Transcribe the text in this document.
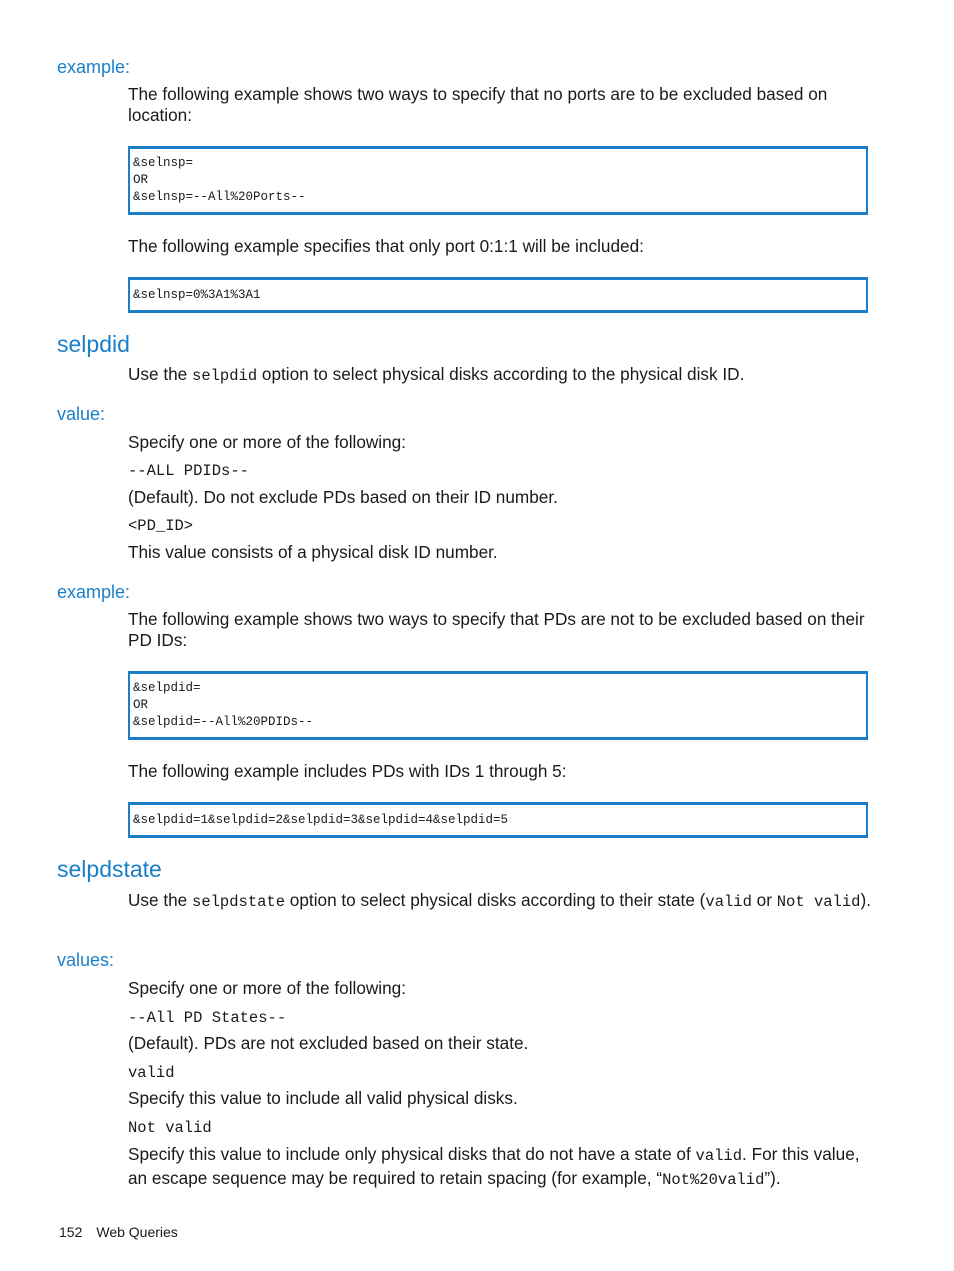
example:
The following example shows two ways to specify that no ports are to be excluded based on location:
&selnsp=
OR
&selnsp=--All%20Ports--
The following example specifies that only port 0:1:1 will be included:
&selnsp=0%3A1%3A1
selpdid
Use the selpdid option to select physical disks according to the physical disk ID.
value:
Specify one or more of the following:
--ALL PDIDs--
(Default). Do not exclude PDs based on their ID number.
<PD_ID>
This value consists of a physical disk ID number.
example:
The following example shows two ways to specify that PDs are not to be excluded based on their PD IDs:
&selpdid=
OR
&selpdid=--All%20PDIDs--
The following example includes PDs with IDs 1 through 5:
&selpdid=1&selpdid=2&selpdid=3&selpdid=4&selpdid=5
selpdstate
Use the selpdstate option to select physical disks according to their state (valid or Not valid).
values:
Specify one or more of the following:
--All PD States--
(Default). PDs are not excluded based on their state.
valid
Specify this value to include all valid physical disks.
Not valid
Specify this value to include only physical disks that do not have a state of valid. For this value, an escape sequence may be required to retain spacing (for example, “Not%20valid”).
152 Web Queries
